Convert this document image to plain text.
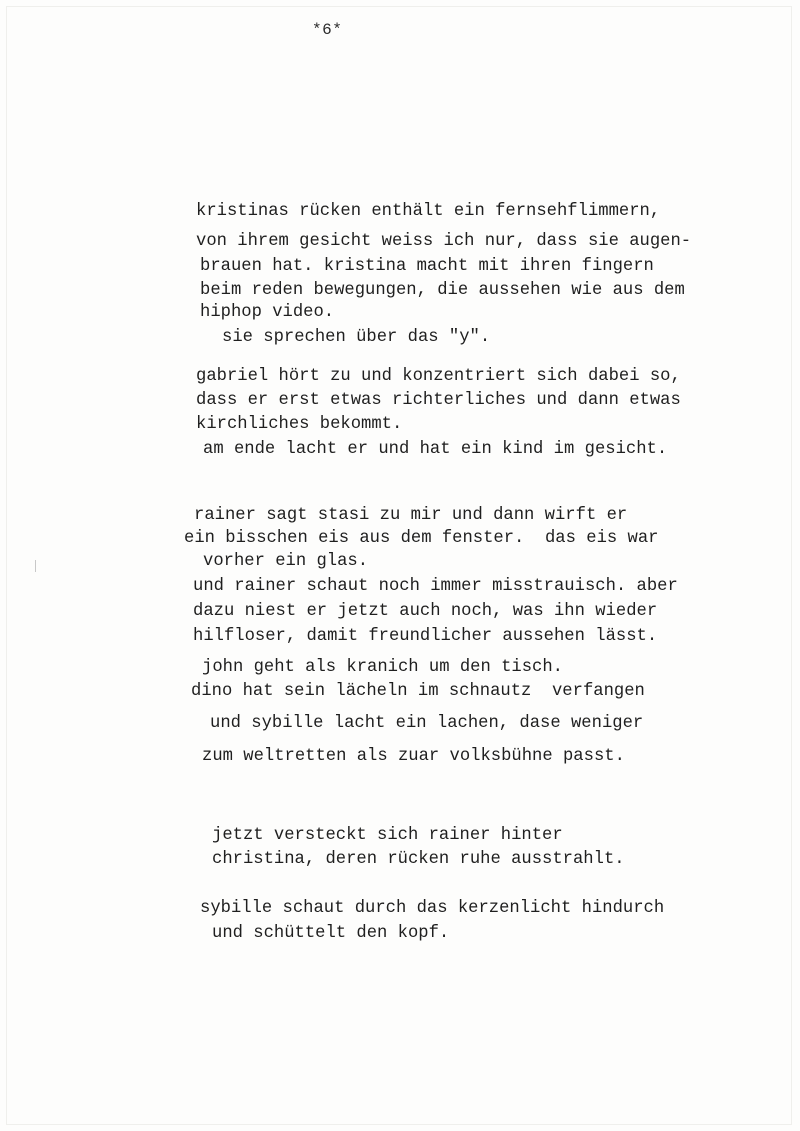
*6*
kristinas rücken enthält ein fernsehflimmern,
von ihrem gesicht weiss ich nur, dass sie augen-
brauen hat. kristina macht mit ihren fingern
beim reden bewegungen, die aussehen wie aus dem
hiphop video.
sie sprechen über das "y".
gabriel hört zu und konzentriert sich dabei so,
dass er erst etwas richterliches und dann etwas
kirchliches bekommt.
am ende lacht er und hat ein kind im gesicht.
rainer sagt stasi zu mir und dann wirft er
ein bisschen eis aus dem fenster.  das eis war
vorher ein glas.
und rainer schaut noch immer misstrauisch. aber
dazu niest er jetzt auch noch, was ihn wieder
hilfloser, damit freundlicher aussehen lässt.
john geht als kranich um den tisch.
dino hat sein lächeln im schnautz  verfangen
und sybille lacht ein lachen, dase weniger
zum weltretten als zuar volksbühne passt.
jetzt versteckt sich rainer hinter
christina, deren rücken ruhe ausstrahlt.
sybille schaut durch das kerzenlicht hindurch
und schüttelt den kopf.
